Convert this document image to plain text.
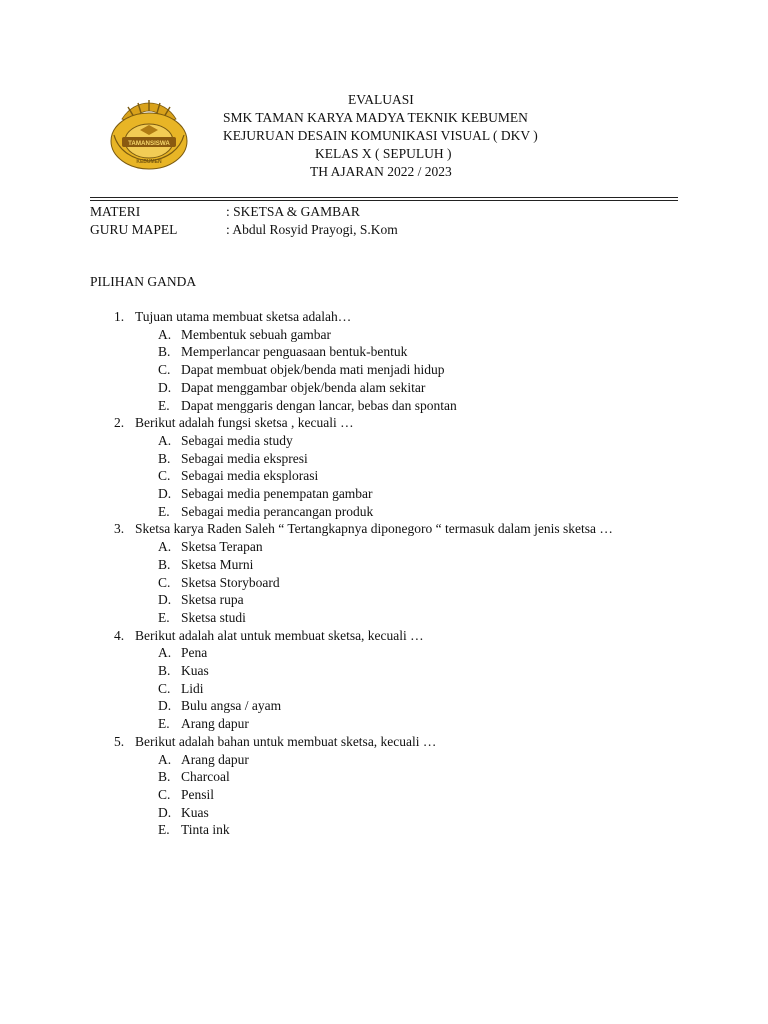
TAMANSISWA
KEBUMEN
EVALUASI
SMK TAMAN KARYA MADYA TEKNIK KEBUMEN
KEJURUAN DESAIN KOMUNIKASI VISUAL ( DKV )
KELAS X ( SEPULUH )
TH AJARAN 2022 / 2023
MATERI	: SKETSA & GAMBAR
GURU MAPEL	: Abdul Rosyid Prayogi, S.Kom
PILIHAN GANDA
1. Tujuan utama membuat sketsa adalah…
A. Membentuk sebuah gambar
B. Memperlancar penguasaan bentuk-bentuk
C. Dapat membuat objek/benda mati menjadi hidup
D. Dapat menggambar objek/benda alam sekitar
E. Dapat menggaris dengan lancar, bebas dan spontan
2. Berikut adalah fungsi sketsa , kecuali …
A. Sebagai media study
B. Sebagai media ekspresi
C. Sebagai media eksplorasi
D. Sebagai media penempatan gambar
E. Sebagai media perancangan produk
3. Sketsa karya Raden Saleh “ Tertangkapnya diponegoro “ termasuk dalam jenis sketsa …
A. Sketsa Terapan
B. Sketsa Murni
C. Sketsa Storyboard
D. Sketsa rupa
E. Sketsa studi
4. Berikut adalah alat untuk membuat sketsa, kecuali …
A. Pena
B. Kuas
C. Lidi
D. Bulu angsa / ayam
E. Arang dapur
5. Berikut adalah bahan untuk membuat sketsa, kecuali …
A. Arang dapur
B. Charcoal
C. Pensil
D. Kuas
E. Tinta ink
